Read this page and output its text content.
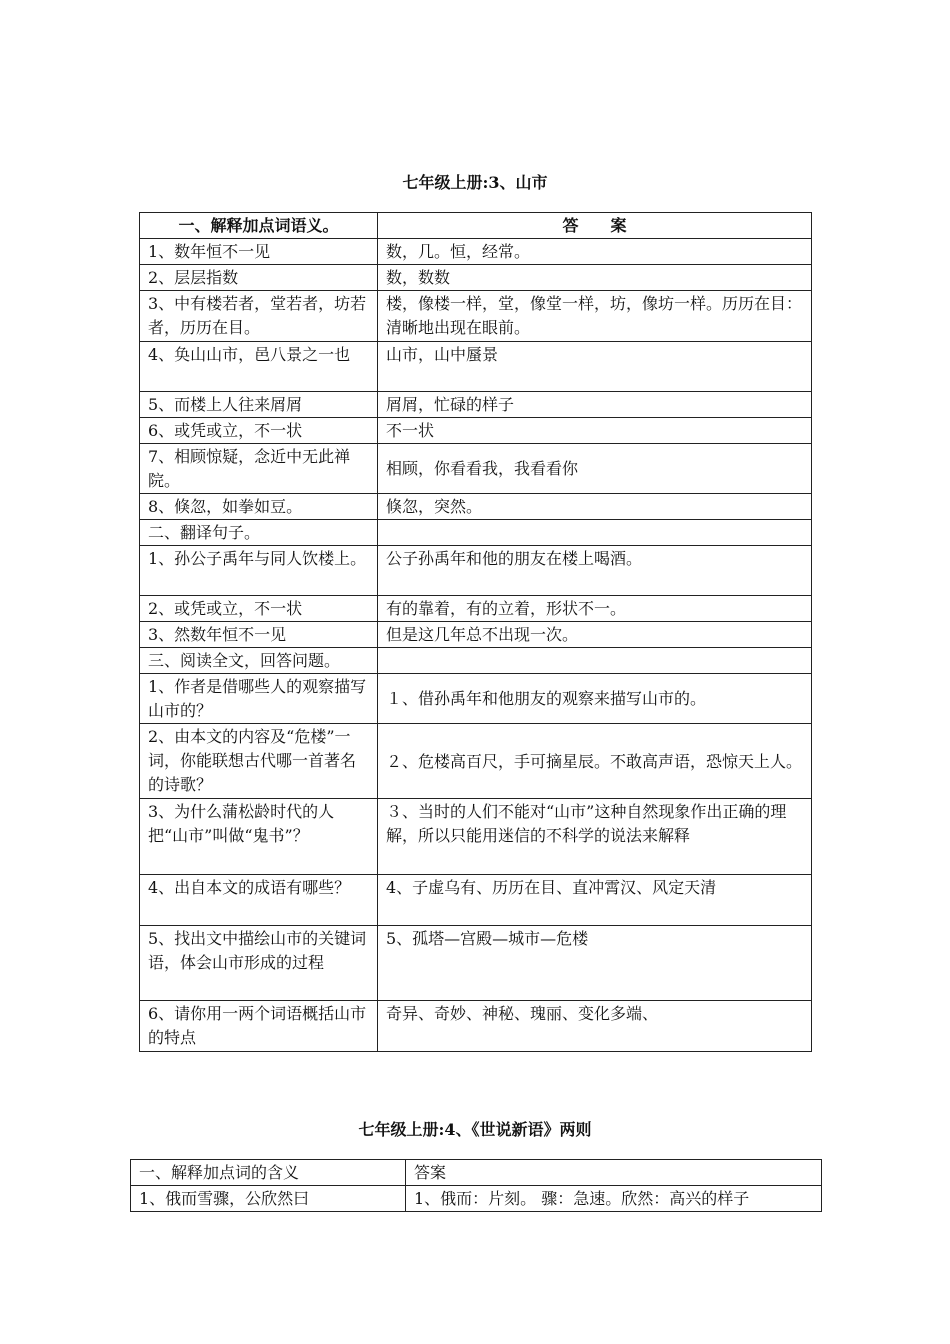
七年级上册:3、山市
一、解释加点词语义。	答　　案
1、数年恒不一见	数，几。恒，经常。
2、层层指数	数，数数
3、中有楼若者，堂若者，坊若者，历历在目。	楼，像楼一样，堂，像堂一样，坊，像坊一样。历历在目：清晰地出现在眼前。
4、奂山山市，邑八景之一也	山市，山中蜃景
5、而楼上人往来屑屑	屑屑，忙碌的样子
6、或凭或立，不一状	不一状
7、相顾惊疑，念近中无此禅院。	相顾，你看看我，我看看你
8、倏忽，如拳如豆。	倏忽，突然。
二、翻译句子。	
1、孙公子禹年与同人饮楼上。	公子孙禹年和他的朋友在楼上喝酒。
2、或凭或立，不一状	有的靠着，有的立着，形状不一。
3、然数年恒不一见	但是这几年总不出现一次。
三、阅读全文，回答问题。	
1、作者是借哪些人的观察描写山市的？	１、借孙禹年和他朋友的观察来描写山市的。
2、由本文的内容及“危楼”一词，你能联想古代哪一首著名的诗歌？	２、危楼高百尺，手可摘星辰。不敢高声语，恐惊天上人。
3、为什么蒲松龄时代的人把“山市”叫做“鬼书”？	３、当时的人们不能对“山市”这种自然现象作出正确的理解，所以只能用迷信的不科学的说法来解释
4、出自本文的成语有哪些？	4、子虚乌有、历历在目、直冲霄汉、风定天清
5、找出文中描绘山市的关键词语，体会山市形成的过程	5、孤塔—宫殿—城市—危楼
6、请你用一两个词语概括山市的特点	奇异、奇妙、神秘、瑰丽、变化多端、
七年级上册:4、《世说新语》两则
一、解释加点词的含义	答案
1、俄而雪骤，公欣然曰	1、俄而：片刻。 骤：急速。欣然：高兴的样子
